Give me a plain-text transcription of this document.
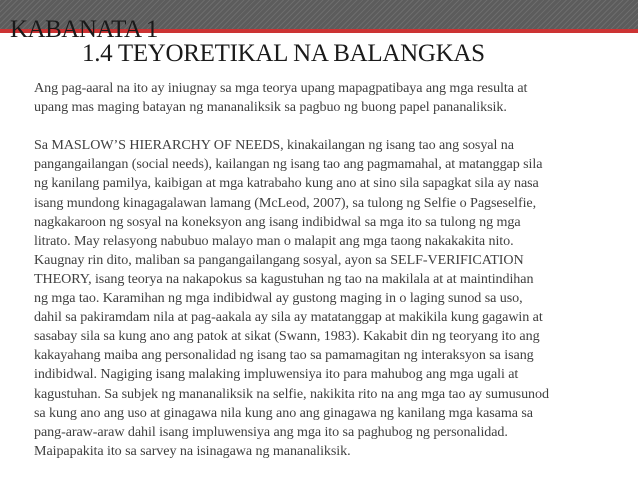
KABANATA 1
1.4 TEYORETIKAL NA BALANGKAS

Ang pag-aaral na ito ay iniugnay sa mga teorya upang mapagpatibaya ang mga resulta at

upang mas maging batayan ng mananaliksik sa pagbuo ng buong papel pananaliksik.

Sa MASLOW’S HIERARCHY OF NEEDS, kinakailangan ng isang tao ang sosyal na

pangangailangan (social needs), kailangan ng isang tao ang pagmamahal, at matanggap sila

ng kanilang pamilya, kaibigan at mga katrabaho kung ano at sino sila sapagkat sila ay nasa

isang mundong kinagagalawan lamang (McLeod, 2007), sa tulong ng Selfie o Pagseselfie,

nagkakaroon ng sosyal na koneksyon ang isang indibidwal sa mga ito sa tulong ng mga

litrato. May relasyong nabubuo malayo man o malapit ang mga taong nakakakita nito.

Kaugnay rin dito, maliban sa pangangailangang sosyal, ayon sa SELF-VERIFICATION

THEORY, isang teorya na nakapokus sa kagustuhan ng tao na makilala at at maintindihan

ng mga tao. Karamihan ng mga indibidwal ay gustong maging in o laging sunod sa uso,

dahil sa pakiramdam nila at pag-aakala ay sila ay matatanggap at makikila kung gagawin at

sasabay sila sa kung ano ang patok at sikat (Swann, 1983). Kakabit din ng teoryang ito ang

kakayahang maiba ang personalidad ng isang tao sa pamamagitan ng interaksyon sa isang

indibidwal. Nagiging isang malaking impluwensiya ito para mahubog ang mga ugali at

kagustuhan. Sa subjek ng mananaliksik na selfie, nakikita rito na ang mga tao ay sumusunod

sa kung ano ang uso at ginagawa nila kung ano ang ginagawa ng kanilang mga kasama sa

pang-araw-araw dahil isang impluwensiya ang mga ito sa paghubog ng personalidad.

Maipapakita ito sa sarvey na isinagawa ng mananaliksik.
